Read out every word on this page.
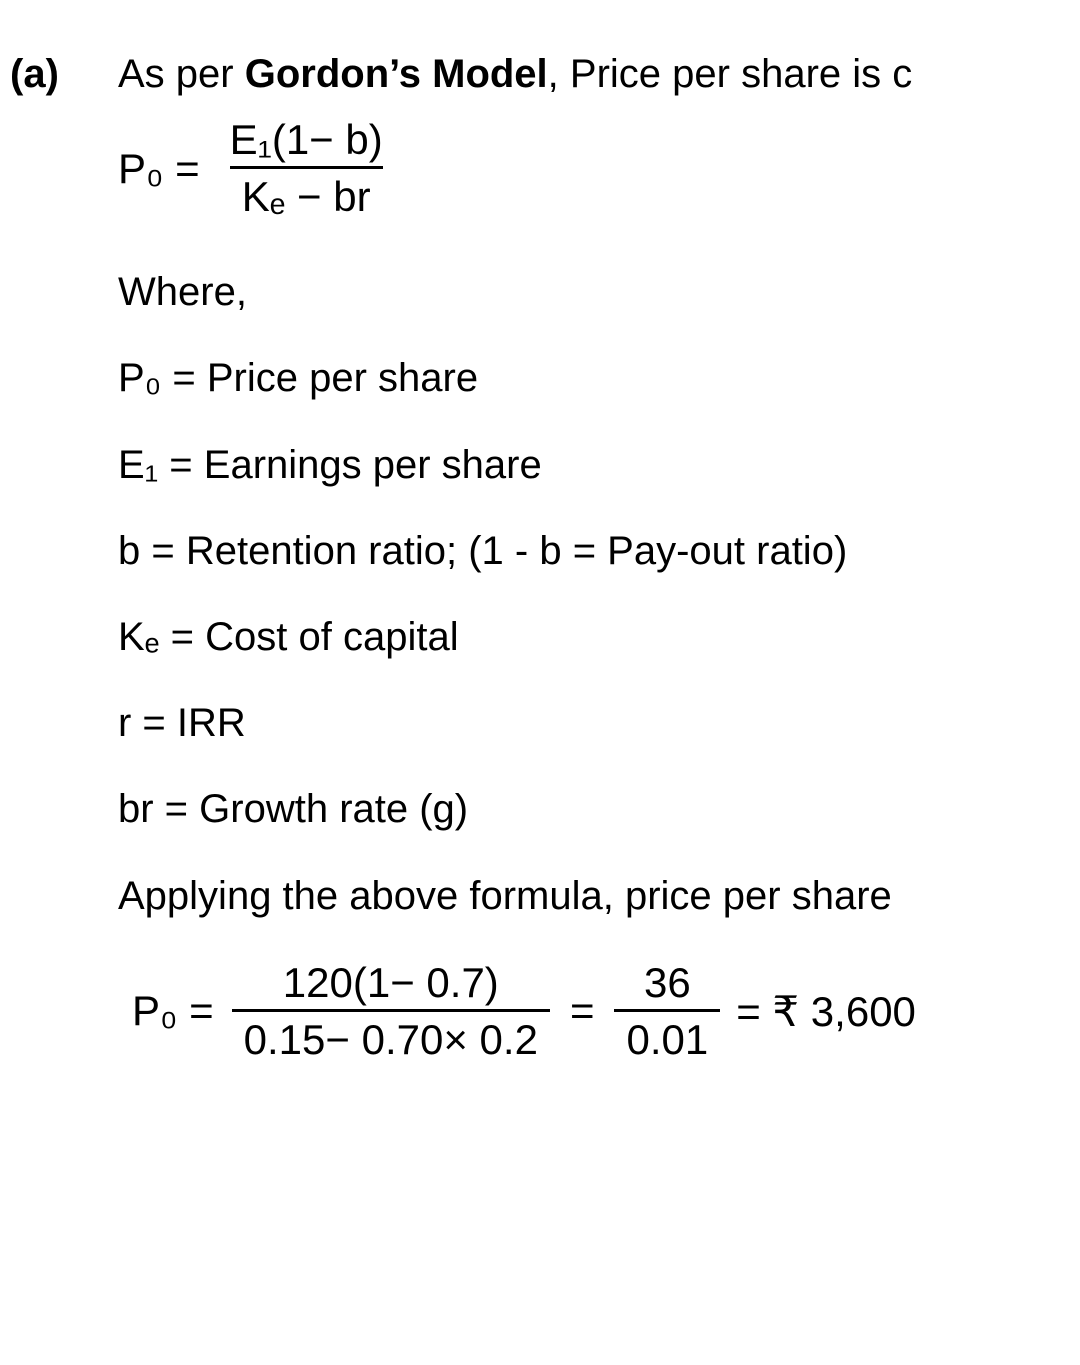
(a)	As per Gordon’s Model, Price per share is c
$P_0 = \frac{\text{E₁(1− b)}}{\text{Kₑ − br}}$

Where,

P₀ = Price per share

E₁ = Earnings per share

b = Retention ratio; (1 - b = Pay-out ratio)

Kₑ = Cost of capital

r = IRR

br = Growth rate (g)

Applying the above formula, price per share

$P_0 = \frac{120(1- 0.7)}{0.15- 0.70\times 0.2} = \frac{36}{0.01}$ = ₹ 3,600
